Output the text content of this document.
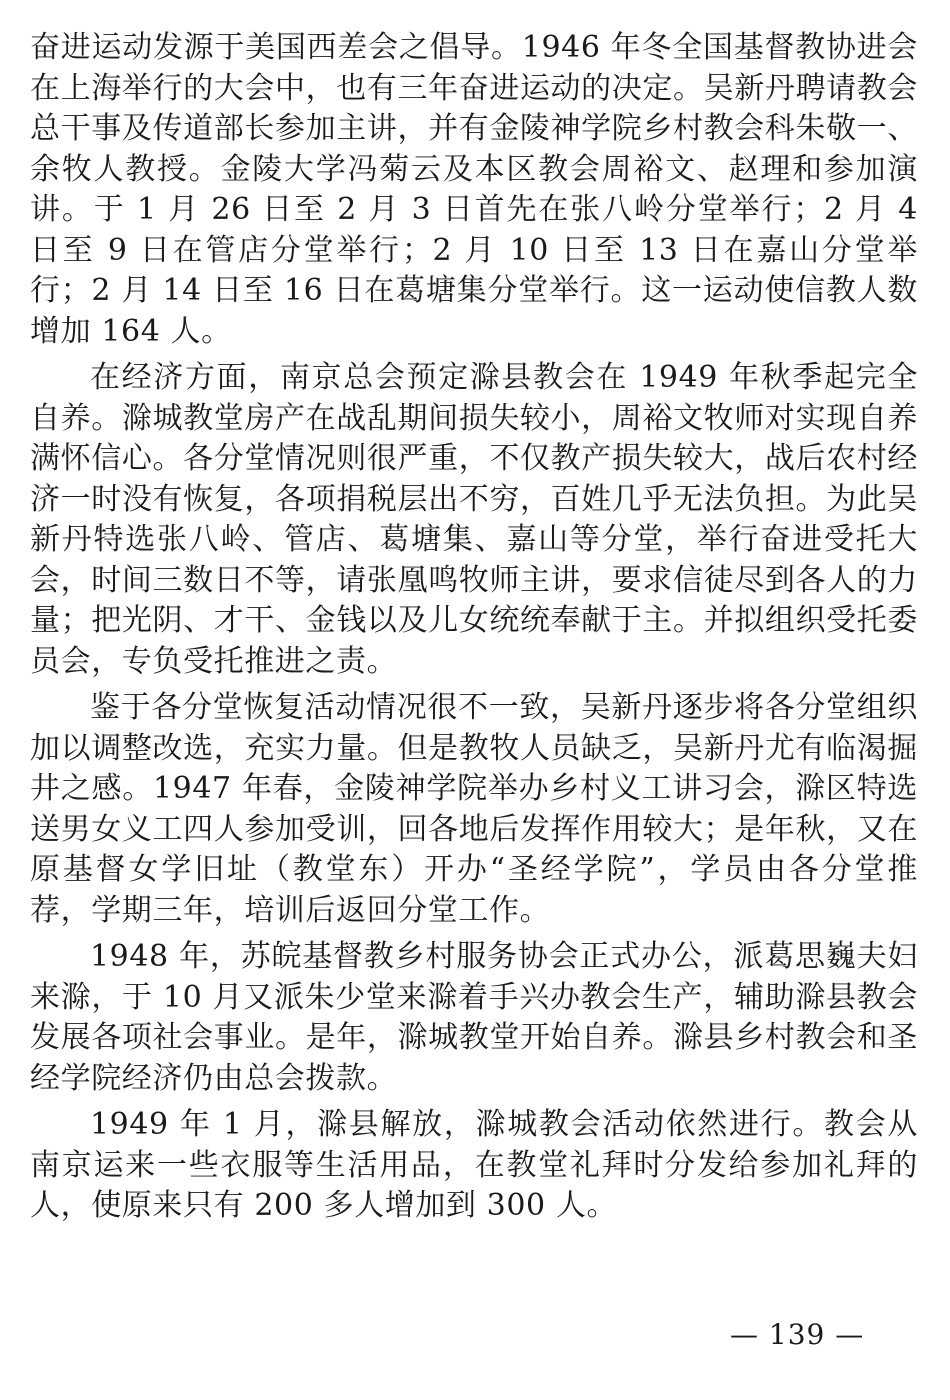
奋进运动发源于美国西差会之倡导。1946 年冬全国基督教协进会在上海举行的大会中，也有三年奋进运动的决定。吴新丹聘请教会总干事及传道部长参加主讲，并有金陵神学院乡村教会科朱敬一、余牧人教授。金陵大学冯菊云及本区教会周裕文、赵理和参加演讲。于 1 月 26 日至 2 月 3 日首先在张八岭分堂举行；2 月 4 日至 9 日在管店分堂举行；2 月 10 日至 13 日在嘉山分堂举行；2 月 14 日至 16 日在葛塘集分堂举行。这一运动使信教人数增加 164 人。

在经济方面，南京总会预定滁县教会在 1949 年秋季起完全自养。滁城教堂房产在战乱期间损失较小，周裕文牧师对实现自养满怀信心。各分堂情况则很严重，不仅教产损失较大，战后农村经济一时没有恢复，各项捐税层出不穷，百姓几乎无法负担。为此吴新丹特选张八岭、管店、葛塘集、嘉山等分堂，举行奋进受托大会，时间三数日不等，请张凰鸣牧师主讲，要求信徒尽到各人的力量；把光阴、才干、金钱以及儿女统统奉献于主。并拟组织受托委员会，专负受托推进之责。

鉴于各分堂恢复活动情况很不一致，吴新丹逐步将各分堂组织加以调整改选，充实力量。但是教牧人员缺乏，吴新丹尤有临渴掘井之感。1947 年春，金陵神学院举办乡村义工讲习会，滁区特选送男女义工四人参加受训，回各地后发挥作用较大；是年秋，又在原基督女学旧址（教堂东）开办“圣经学院”，学员由各分堂推荐，学期三年，培训后返回分堂工作。

1948 年，苏皖基督教乡村服务协会正式办公，派葛思巍夫妇来滁，于 10 月又派朱少堂来滁着手兴办教会生产，辅助滁县教会发展各项社会事业。是年，滁城教堂开始自养。滁县乡村教会和圣经学院经济仍由总会拨款。

1949 年 1 月，滁县解放，滁城教会活动依然进行。教会从南京运来一些衣服等生活用品，在教堂礼拜时分发给参加礼拜的人，使原来只有 200 多人增加到 300 人。

— 139 —
